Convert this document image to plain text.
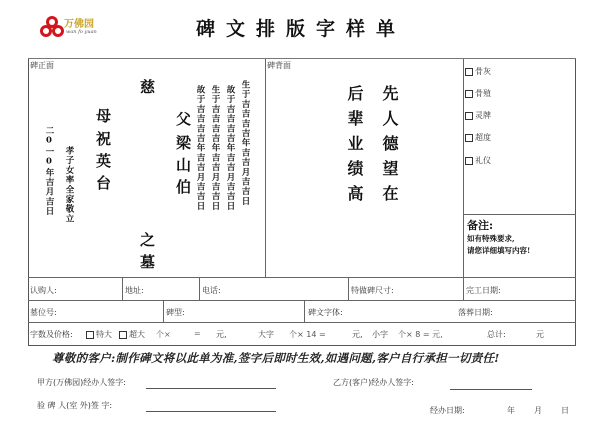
万佛园
wan fo yuan	碑文排版字样单
碑正面
慈
母
祝英台
父
梁山伯
之墓
故于吉吉吉吉年吉吉月吉吉日 生于吉吉吉吉年吉吉月吉吉日 故于吉吉吉吉年吉吉月吉吉日 生于吉吉吉吉年吉吉月吉吉日
孝子女率全家敬立
二0一0年吉月吉日
碑背面
先人德望在
后辈业绩高
骨灰
骨殖
灵牌
超度
礼仪
备注:
如有特殊要求,
请您详细填写内容!
认购人:	地址:	电话:	特做碑尺寸:	完工日期:
墓位号:	碑型:	碑文字体:	落葬日期:
字数及价格:	特大 超大 个×	= 元,	大字 个× 14 =	元, 小字 个× 8 = 元,	总计:	元
尊敬的客户:制作碑文将以此单为准,签字后即时生效,如遇问题,客户自行承担一切责任!
甲方(万佛园)经办人签字:	乙方(客户)经办人签字:
验 碑 人(室 外)签 字:
经办日期:	年 月 日
